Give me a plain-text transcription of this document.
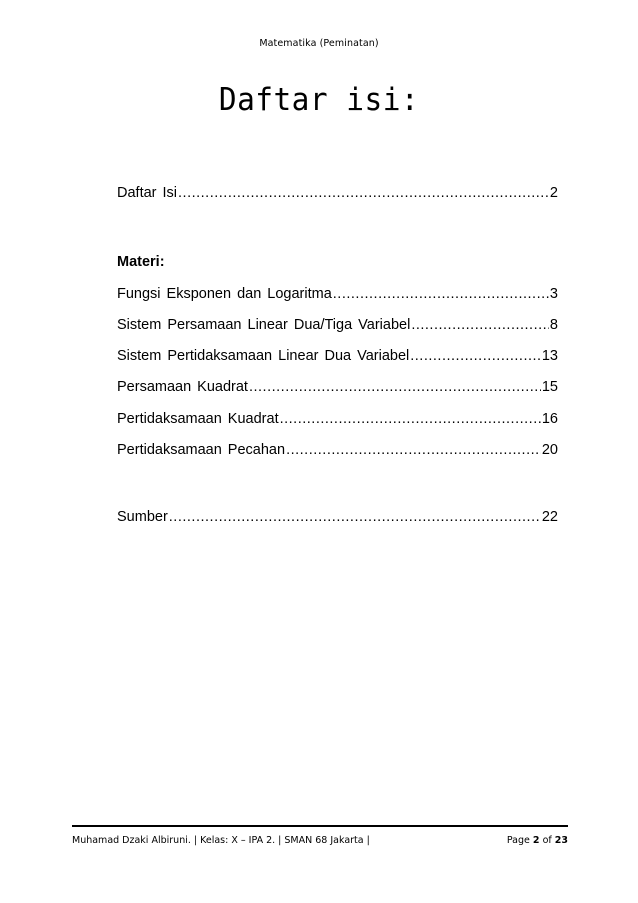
Matematika (Peminatan)
Daftar isi:
Daftar Isi .....	2
Materi:
Fungsi Eksponen dan Logaritma .....	3
Sistem Persamaan Linear Dua/Tiga Variabel .....	8
Sistem Pertidaksamaan Linear Dua Variabel .....	13
Persamaan Kuadrat .....	15
Pertidaksamaan Kuadrat .....	16
Pertidaksamaan Pecahan .....	20
Sumber .....	22
Muhamad Dzaki Albiruni. | Kelas: X – IPA 2. | SMAN 68 Jakarta |	Page 2 of 23
